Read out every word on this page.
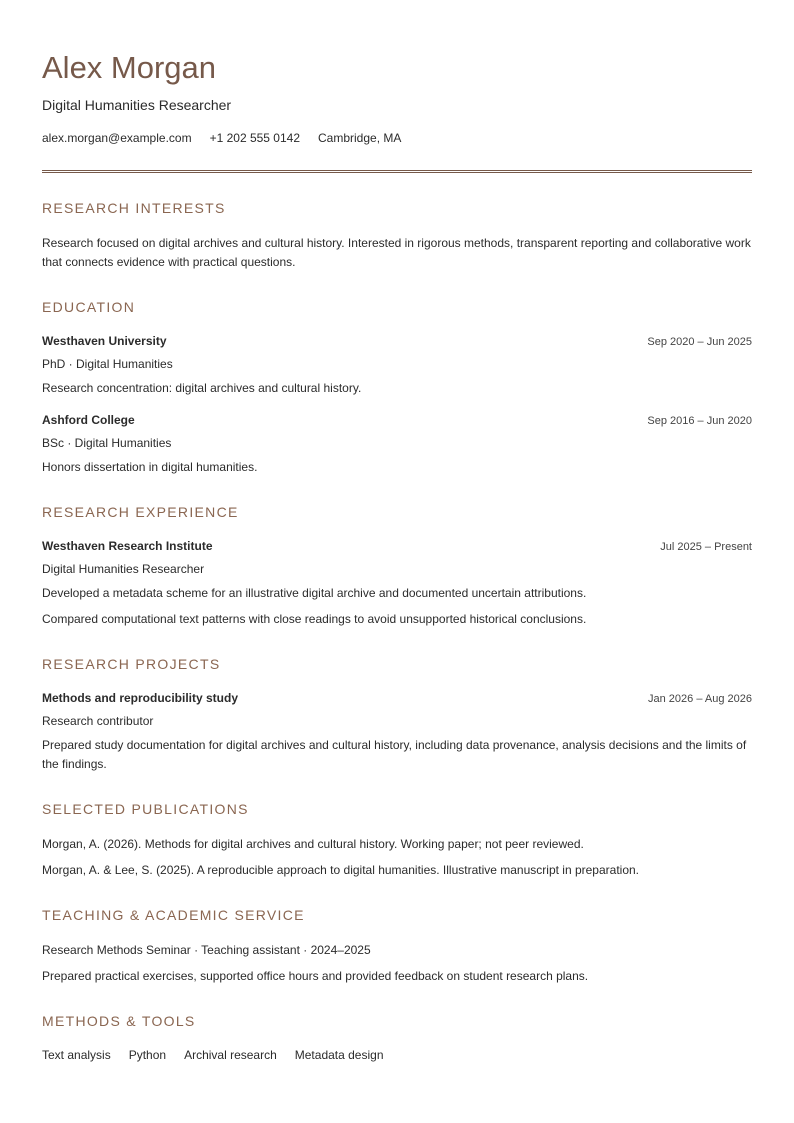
Alex Morgan
Digital Humanities Researcher
alex.morgan@example.com +1 202 555 0142 Cambridge, MA
RESEARCH INTERESTS

Research focused on digital archives and cultural history. Interested in rigorous methods, transparent reporting and collaborative work that connects evidence with practical questions.

EDUCATION
Westhaven University	Sep 2020 – Jun 2025
PhD · Digital Humanities
Research concentration: digital archives and cultural history.
Ashford College	Sep 2016 – Jun 2020
BSc · Digital Humanities
Honors dissertation in digital humanities.
RESEARCH EXPERIENCE
Westhaven Research Institute	Jul 2025 – Present
Digital Humanities Researcher
Developed a metadata scheme for an illustrative digital archive and documented uncertain attributions.
Compared computational text patterns with close readings to avoid unsupported historical conclusions.
RESEARCH PROJECTS
Methods and reproducibility study	Jan 2026 – Aug 2026
Research contributor
Prepared study documentation for digital archives and cultural history, including data provenance, analysis decisions and the limits of the findings.
SELECTED PUBLICATIONS
Morgan, A. (2026). Methods for digital archives and cultural history. Working paper; not peer reviewed.
Morgan, A. & Lee, S. (2025). A reproducible approach to digital humanities. Illustrative manuscript in preparation.
TEACHING & ACADEMIC SERVICE
Research Methods Seminar · Teaching assistant · 2024–2025
Prepared practical exercises, supported office hours and provided feedback on student research plans.
METHODS & TOOLS
Text analysis Python Archival research Metadata design
